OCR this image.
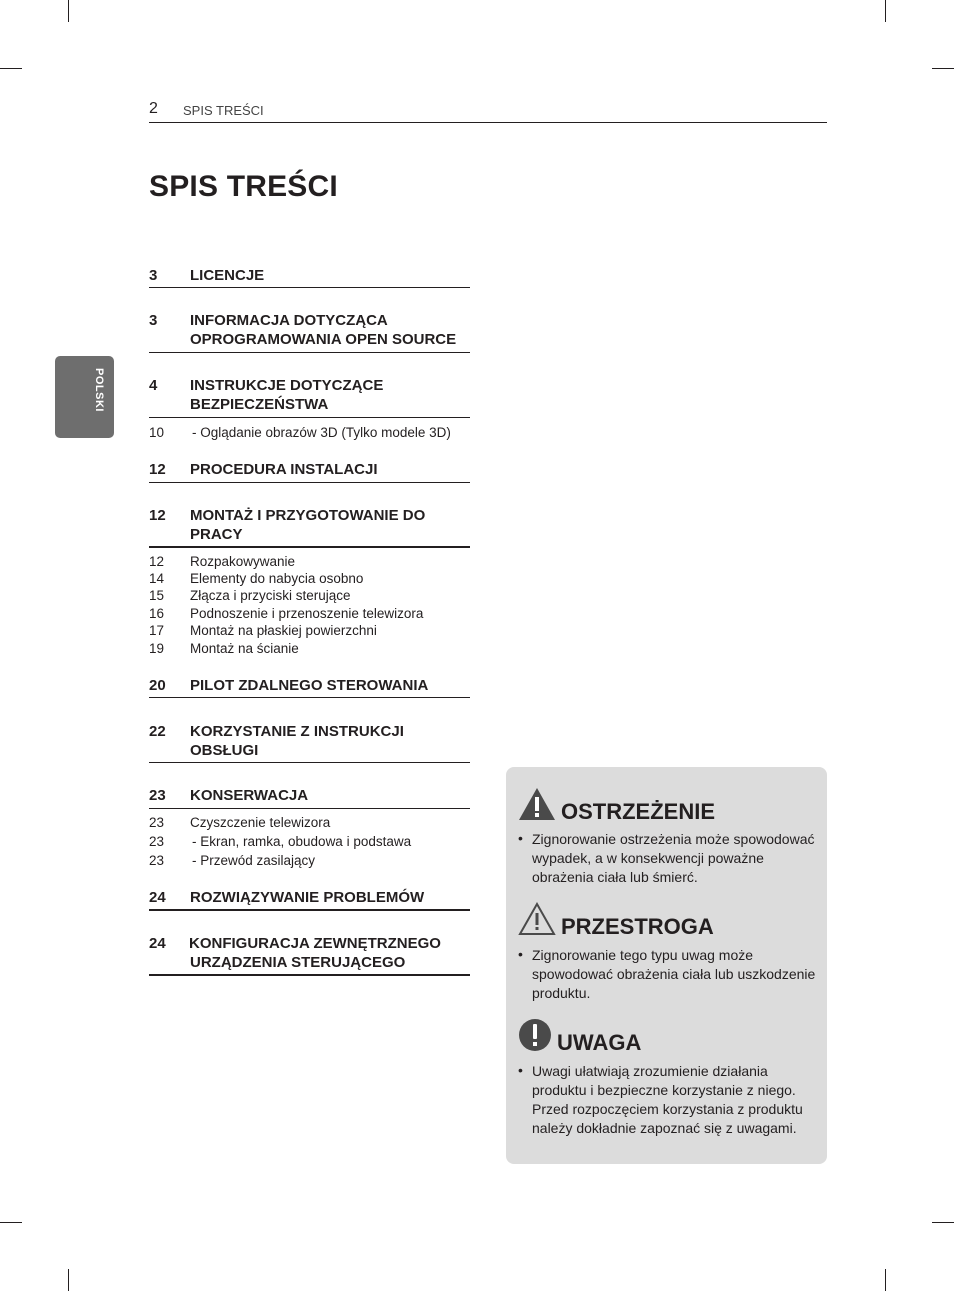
2 SPIS TREŚCI
SPIS TREŚCI
POLSKI
3 LICENCJE
3 INFORMACJA DOTYCZĄCA
OPROGRAMOWANIA OPEN SOURCE
4 INSTRUKCJE DOTYCZĄCE
BEZPIECZEŃSTWA
10 - Oglądanie obrazów 3D (Tylko modele 3D)
12 PROCEDURA INSTALACJI
12 MONTAŻ I PRZYGOTOWANIE DO
PRACY
12 Rozpakowywanie
14 Elementy do nabycia osobno
15 Złącza i przyciski sterujące
16 Podnoszenie i przenoszenie telewizora
17 Montaż na płaskiej powierzchni
19 Montaż na ścianie
20 PILOT ZDALNEGO STEROWANIA
22 KORZYSTANIE Z INSTRUKCJI
OBSŁUGI
23 KONSERWACJA
23 Czyszczenie telewizora
23 - Ekran, ramka, obudowa i podstawa
23 - Przewód zasilający
24 ROZWIĄZYWANIE PROBLEMÓW
24 KONFIGURACJA ZEWNĘTRZNEGO
URZĄDZENIA STERUJĄCEGO
OSTRZEŻENIE
• Zignorowanie ostrzeżenia może spowodować wypadek, a w konsekwencji poważne obrażenia ciała lub śmierć.
PRZESTROGA
• Zignorowanie tego typu uwag może spowodować obrażenia ciała lub uszkodzenie produktu.
UWAGA
• Uwagi ułatwiają zrozumienie działania produktu i bezpieczne korzystanie z niego. Przed rozpoczęciem korzystania z produktu należy dokładnie zapoznać się z uwagami.
